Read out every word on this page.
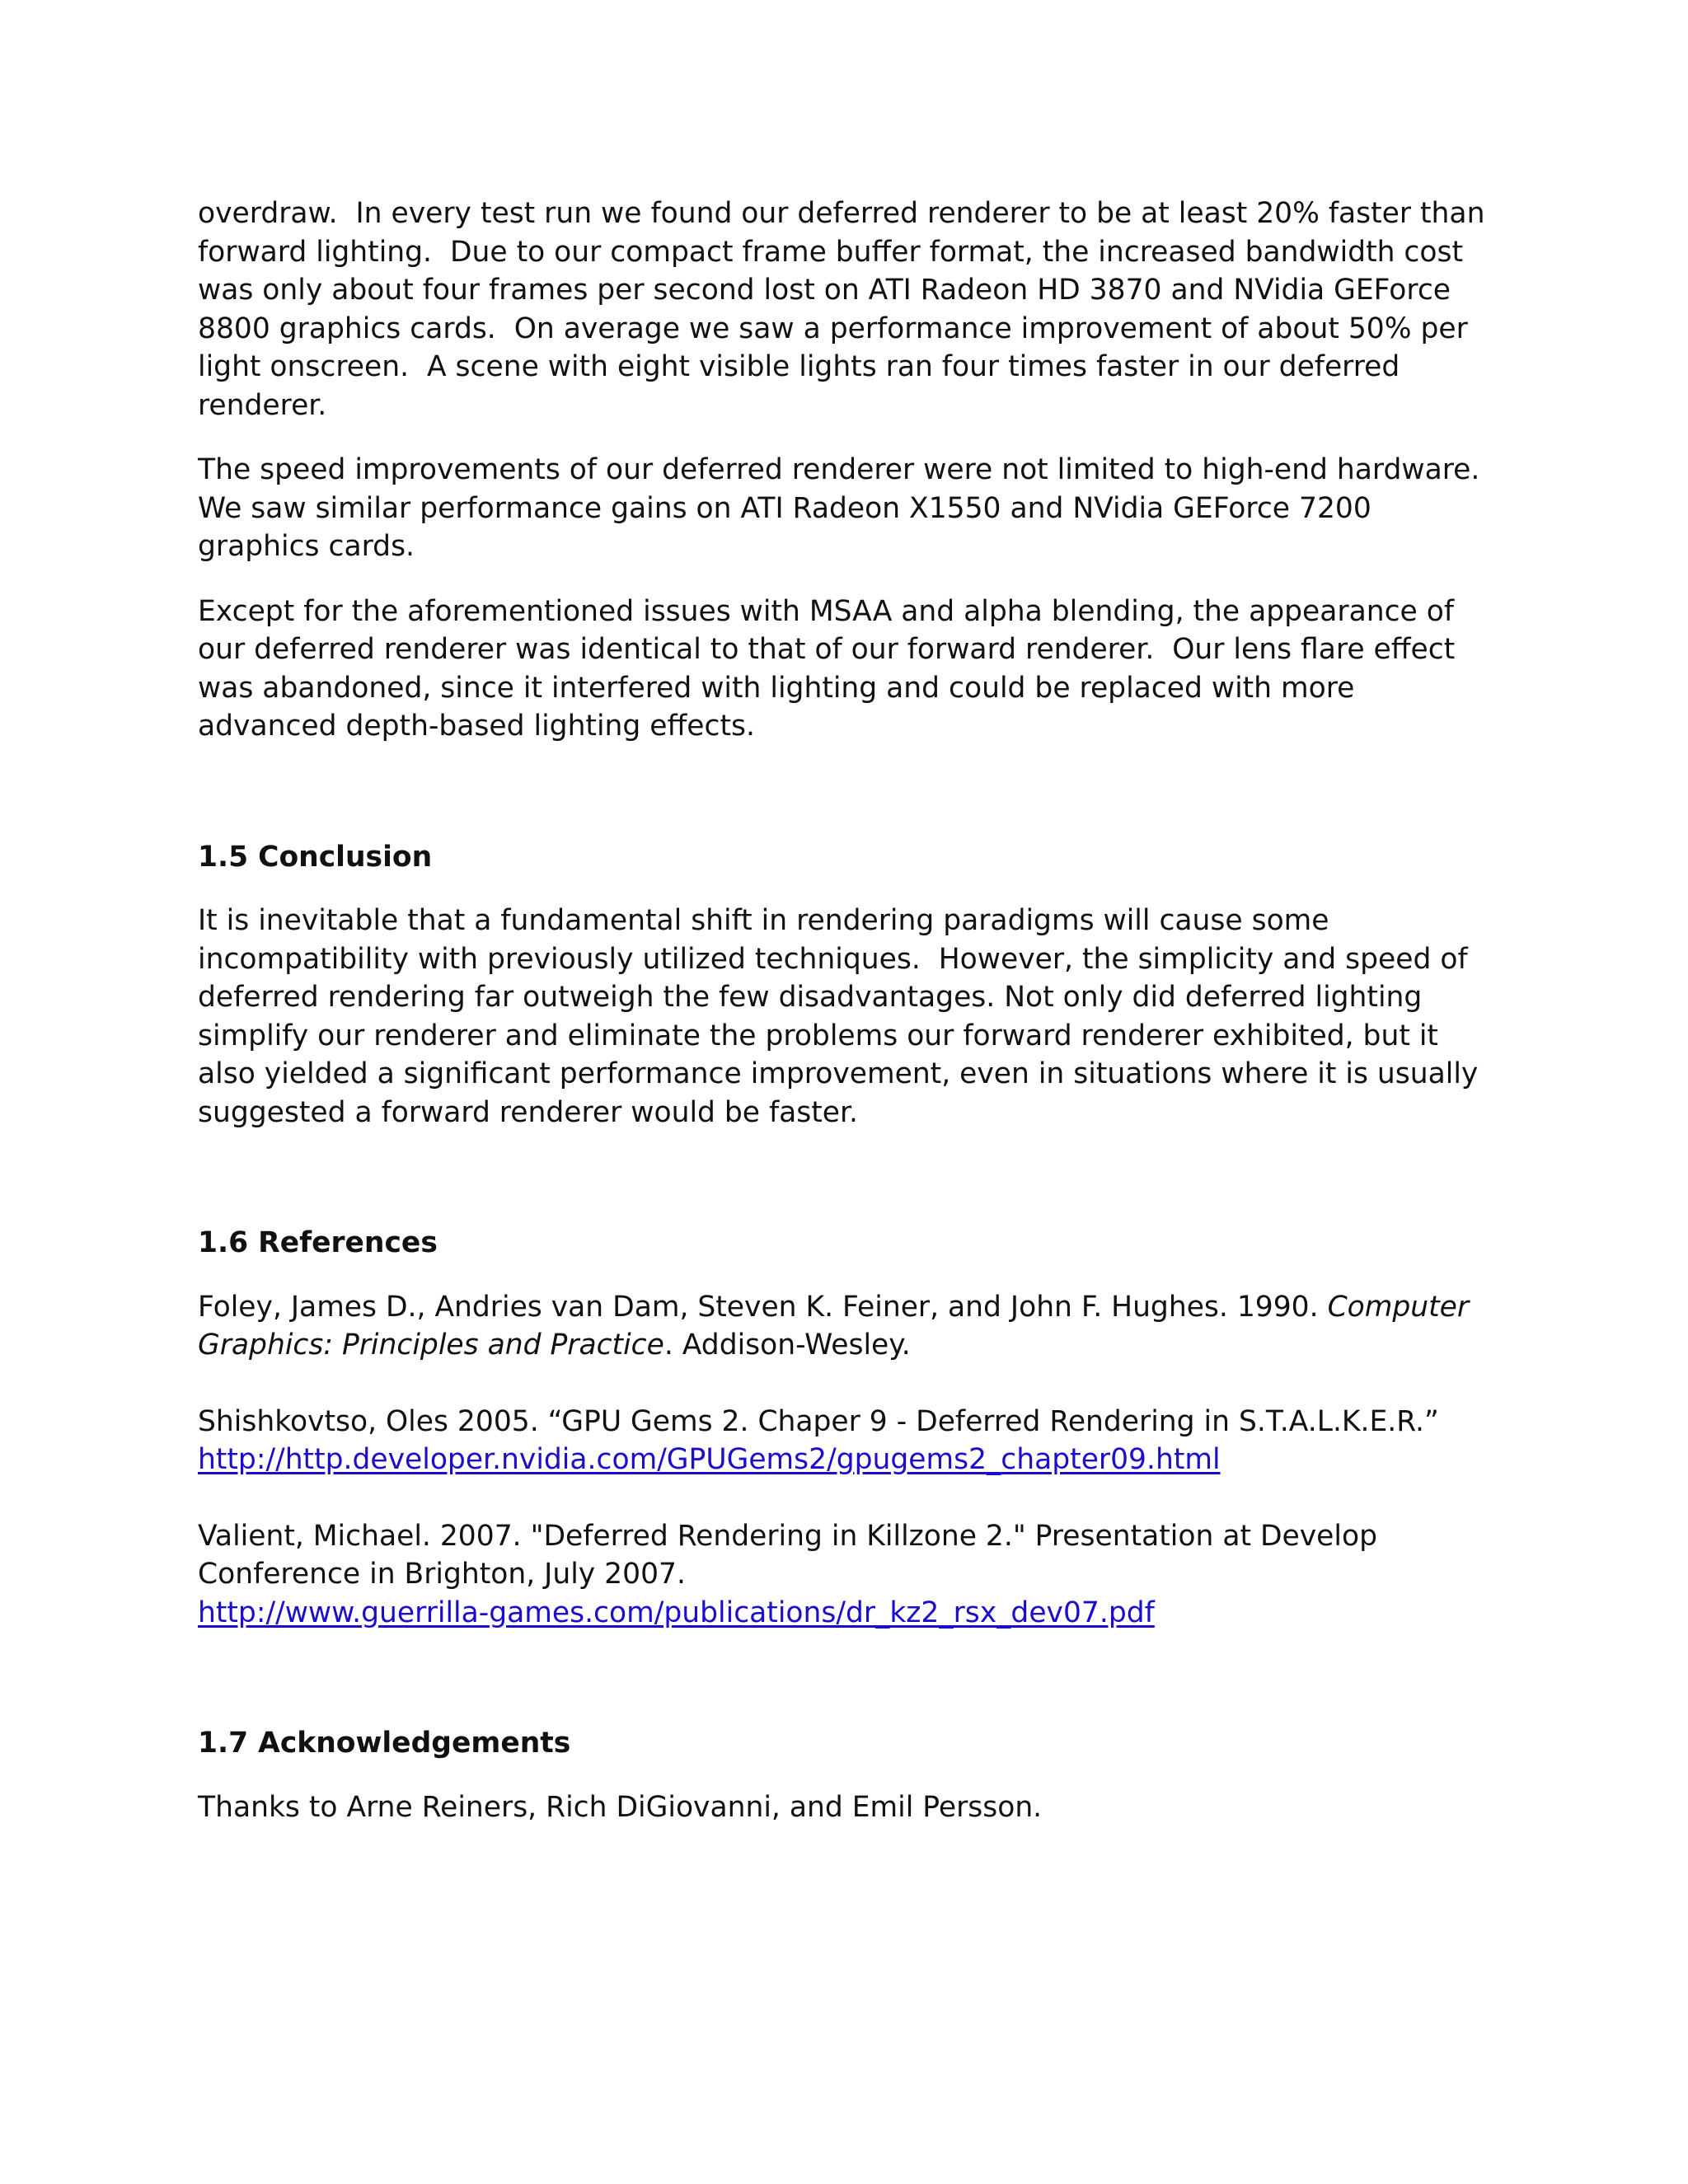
overdraw.  In every test run we found our deferred renderer to be at least 20% faster than forward lighting.  Due to our compact frame buffer format, the increased bandwidth cost was only about four frames per second lost on ATI Radeon HD 3870 and NVidia GEForce 8800 graphics cards.  On average we saw a performance improvement of about 50% per light onscreen.  A scene with eight visible lights ran four times faster in our deferred renderer.

The speed improvements of our deferred renderer were not limited to high-end hardware. We saw similar performance gains on ATI Radeon X1550 and NVidia GEForce 7200 graphics cards.

Except for the aforementioned issues with MSAA and alpha blending, the appearance of our deferred renderer was identical to that of our forward renderer.  Our lens flare effect was abandoned, since it interfered with lighting and could be replaced with more advanced depth-based lighting effects.

1.5 Conclusion

It is inevitable that a fundamental shift in rendering paradigms will cause some incompatibility with previously utilized techniques.  However, the simplicity and speed of deferred rendering far outweigh the few disadvantages. Not only did deferred lighting simplify our renderer and eliminate the problems our forward renderer exhibited, but it also yielded a significant performance improvement, even in situations where it is usually suggested a forward renderer would be faster.

1.6 References

Foley, James D., Andries van Dam, Steven K. Feiner, and John F. Hughes. 1990. Computer Graphics: Principles and Practice. Addison-Wesley.

Shishkovtso, Oles 2005. “GPU Gems 2. Chaper 9 - Deferred Rendering in S.T.A.L.K.E.R.”
http://http.developer.nvidia.com/GPUGems2/gpugems2_chapter09.html
Valient, Michael. 2007. "Deferred Rendering in Killzone 2." Presentation at Develop Conference in Brighton, July 2007.
http://www.guerrilla-games.com/publications/dr_kz2_rsx_dev07.pdf
1.7 Acknowledgements

Thanks to Arne Reiners, Rich DiGiovanni, and Emil Persson.
